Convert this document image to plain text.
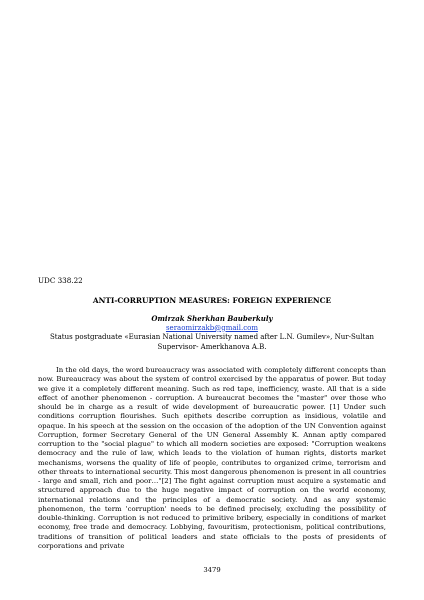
UDC 338.22
ANTI-CORRUPTION MEASURES: FOREIGN EXPERIENCE
Omirzak Sherkhan Bauberkuly
seraomirzakb@gmail.com
Status postgraduate «Eurasian National University named after L.N. Gumilev», Nur-Sultan
Supervisor- Amerkhanova A.B.
In the old days, the word bureaucracy was associated with completely different concepts than now. Bureaucracy was about the system of control exercised by the apparatus of power. But today we give it a completely different meaning. Such as red tape, inefficiency, waste. All that is a side effect of another phenomenon - corruption. A bureaucrat becomes the "master" over those who should be in charge as a result of wide development of bureaucratic power. [1] Under such conditions corruption flourishes. Such epithets describe corruption as insidious, volatile and opaque. In his speech at the session on the occasion of the adoption of the UN Convention against Corruption, former Secretary General of the UN General Assembly K. Annan aptly compared corruption to the "social plague" to which all modern societies are exposed: "Corruption weakens democracy and the rule of law, which leads to the violation of human rights, distorts market mechanisms, worsens the quality of life of people, contributes to organized crime, terrorism and other threats to international security. This most dangerous phenomenon is present in all countries - large and small, rich and poor…"[2] The fight against corruption must acquire a systematic and structured approach due to the huge negative impact of corruption on the world economy, international relations and the principles of a democratic society. And as any systemic phenomenon, the term 'corruption' needs to be defined precisely, excluding the possibility of double-thinking. Corruption is not reduced to primitive bribery, especially in conditions of market economy, free trade and democracy. Lobbying, favouritism, protectionism, political contributions, traditions of transition of political leaders and state officials to the posts of presidents of corporations and private
3479
